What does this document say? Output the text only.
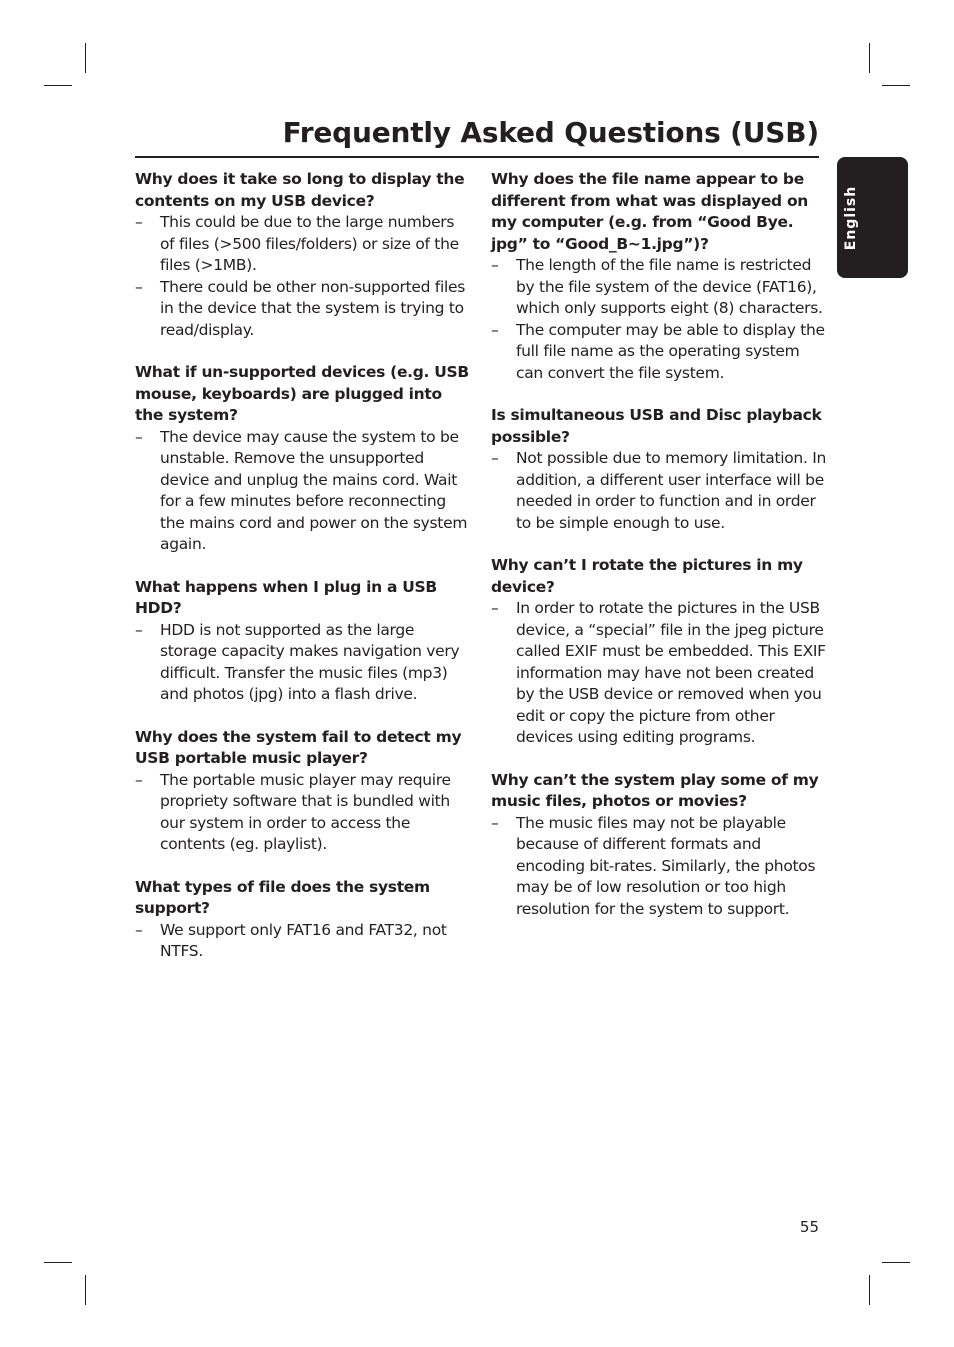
Frequently Asked Questions (USB)
English

Why does it take so long to display the contents on my USB device?

– This could be due to the large numbers of files (>500 files/folders) or size of the files (>1MB).
– There could be other non-supported files in the device that the system is trying to read/display.

What if un-supported devices (e.g. USB mouse, keyboards) are plugged into the system?

– The device may cause the system to be unstable. Remove the unsupported device and unplug the mains cord. Wait for a few minutes before reconnecting the mains cord and power on the system again.

What happens when I plug in a USB HDD?

– HDD is not supported as the large storage capacity makes navigation very difficult. Transfer the music files (mp3) and photos (jpg) into a flash drive.

Why does the system fail to detect my USB portable music player?

– The portable music player may require propriety software that is bundled with our system in order to access the contents (eg. playlist).

What types of file does the system support?

– We support only FAT16 and FAT32, not NTFS.

Why does the file name appear to be different from what was displayed on my computer (e.g. from “Good Bye. jpg” to “Good_B~1.jpg”)?

– The length of the file name is restricted by the file system of the device (FAT16), which only supports eight (8) characters.
– The computer may be able to display the full file name as the operating system can convert the file system.

Is simultaneous USB and Disc playback possible?

– Not possible due to memory limitation. In addition, a different user interface will be needed in order to function and in order to be simple enough to use.

Why can’t I rotate the pictures in my device?

– In order to rotate the pictures in the USB device, a “special” file in the jpeg picture called EXIF must be embedded. This EXIF information may have not been created by the USB device or removed when you edit or copy the picture from other devices using editing programs.

Why can’t the system play some of my music files, photos or movies?

– The music files may not be playable because of different formats and encoding bit-rates. Similarly, the photos may be of low resolution or too high resolution for the system to support.
55
